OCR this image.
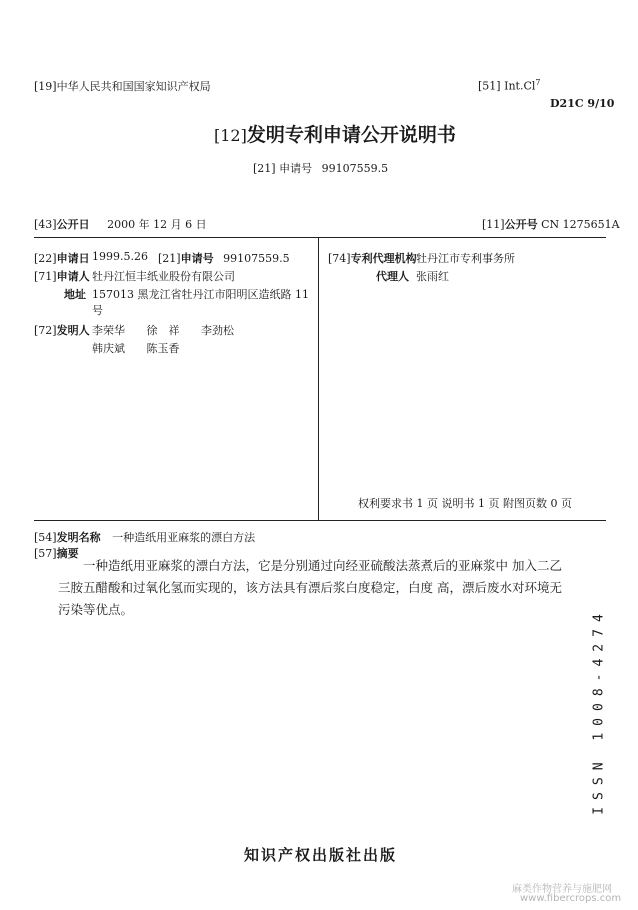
[19]中华人民共和国国家知识产权局	[51] Int.Cl$^7$
D21C 9/10
[12]发明专利申请公开说明书
[21] 申请号 99107559.5
[43]公开日 2000 年 12 月 6 日	[11]公开号 CN 1275651A
[22]申请日 1999.5.26 [21]申请号 99107559.5
[71]申请人 牡丹江恒丰纸业股份有限公司
地址 157013 黑龙江省牡丹江市阳明区造纸路 11
号
[72]发明人 李荣华 徐　祥 李劲松
韩庆斌 陈玉香
[74]专利代理机构 牡丹江市专利事务所
代理人 张雨红
权利要求书 1 页 说明书 1 页 附图页数 0 页
[54]发明名称 一种造纸用亚麻浆的漂白方法
[57]摘要

一种造纸用亚麻浆的漂白方法，它是分别通过向经亚硫酸法蒸煮后的亚麻浆中 加入二乙三胺五醋酸和过氧化氢而实现的，该方法具有漂后浆白度稳定，白度 高，漂后废水对环境无污染等优点。	ISSN 1008-4274
知识产权出版社出版
麻类作物营养与施肥网
www.fibercrops.com
